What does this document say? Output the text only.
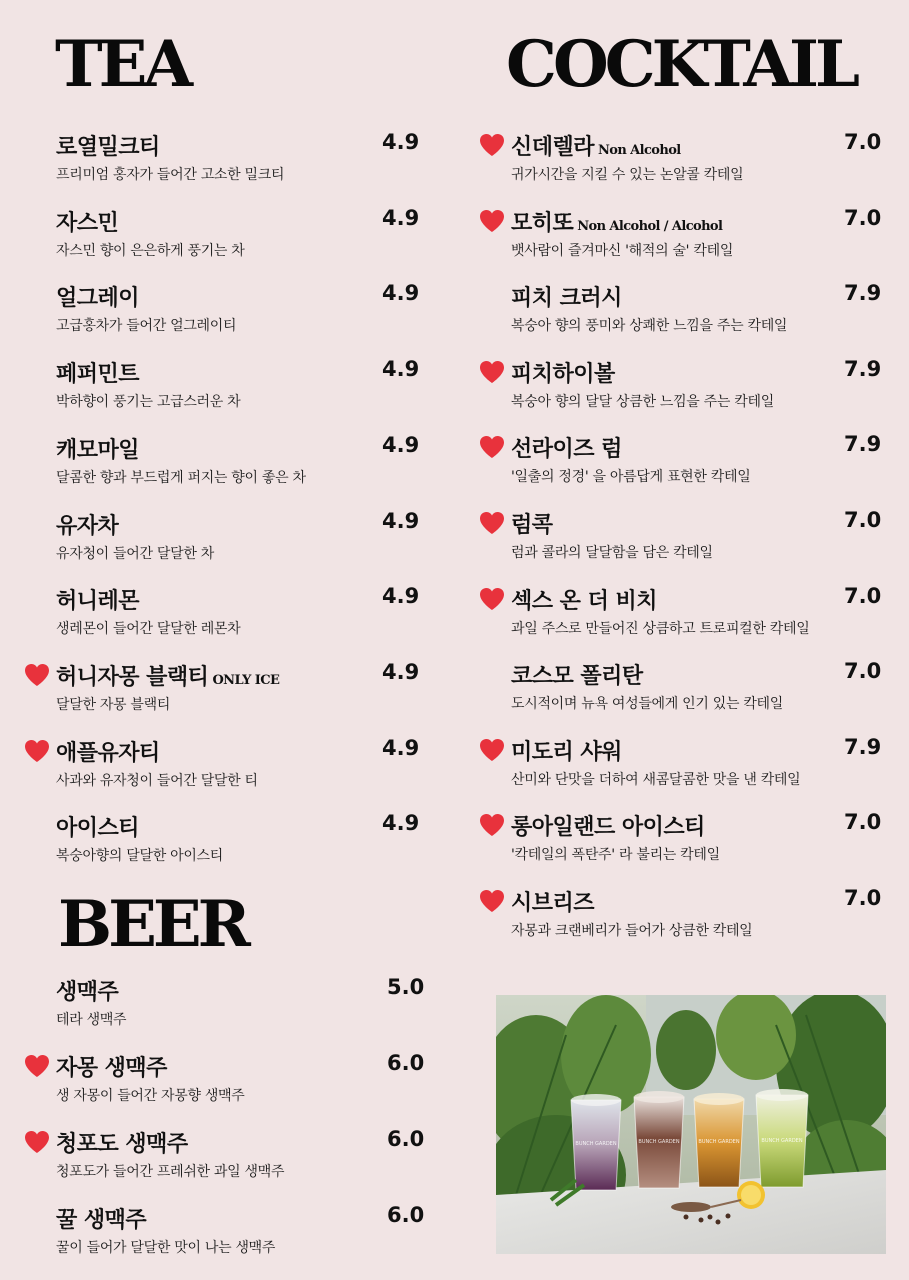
TEA
로열밀크티	4.9
프리미엄 홍자가 들어간 고소한 밀크티
자스민	4.9
자스민 향이 은은하게 풍기는 차
얼그레이	4.9
고급홍차가 들어간 얼그레이티
페퍼민트	4.9
박하향이 풍기는 고급스러운 차
캐모마일	4.9
달콤한 향과 부드럽게 퍼지는 향이 좋은 차
유자차	4.9
유자청이 들어간 달달한 차
허니레몬	4.9
생레몬이 들어간 달달한 레몬차
허니자몽 블랙티 ONLY ICE	4.9
달달한 자몽 블랙티
애플유자티	4.9
사과와 유자청이 들어간 달달한 티
아이스티	4.9
복숭아향의 달달한 아이스티
BEER
생맥주	5.0
테라 생맥주
자몽 생맥주	6.0
생 자몽이 들어간 자몽향 생맥주
청포도 생맥주	6.0
청포도가 들어간 프레쉬한 과일 생맥주
꿀 생맥주	6.0
꿀이 들어가 달달한 맛이 나는 생맥주
COCKTAIL
신데렐라 Non Alcohol	7.0
귀가시간을 지킬 수 있는 논알콜 칵테일
모히또 Non Alcohol / Alcohol	7.0
뱃사람이 즐겨마신 '해적의 술' 칵테일
피치 크러시	7.9
복숭아 향의 풍미와 상쾌한 느낌을 주는 칵테일
피치하이볼	7.9
복숭아 향의 달달 상큼한 느낌을 주는 칵테일
선라이즈 럼	7.9
'일출의 정경' 을 아름답게 표현한 칵테일
럼콕	7.0
럼과 콜라의 달달함을 담은 칵테일
섹스 온 더 비치	7.0
과일 주스로 만들어진 상큼하고 트로피컬한 칵테일
코스모 폴리탄	7.0
도시적이며 뉴욕 여성들에게 인기 있는 칵테일
미도리 샤워	7.9
산미와 단맛을 더하여 새콤달콤한 맛을 낸 칵테일
롱아일랜드 아이스티	7.0
'칵테일의 폭탄주' 라 불리는 칵테일
시브리즈	7.0
자몽과 크랜베리가 들어가 상큼한 칵테일
BUNCH GARDEN	BUNCH GARDEN	BUNCH GARDEN	BUNCH GARDEN
